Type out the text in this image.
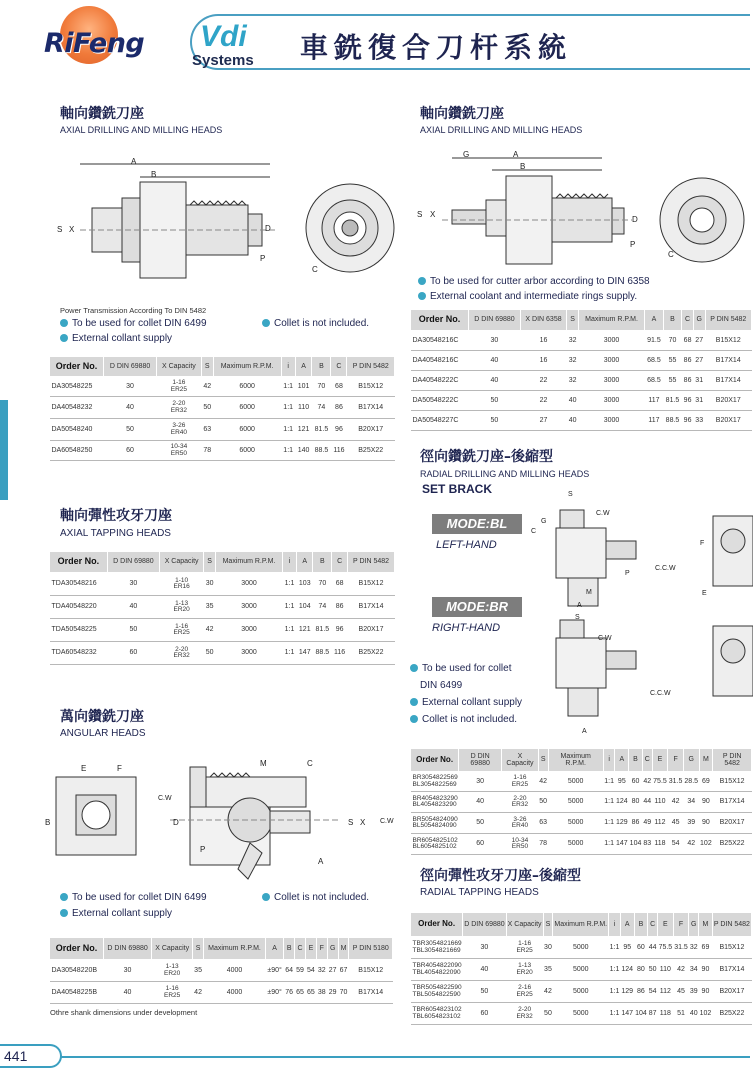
RiFeng Vdi
Systems 車銑復合刀杆系統
軸向鑽銑刀座
AXIAL DRILLING AND MILLING HEADS
A
B
S X	D
P
C
Power Transmission According To DIN 5482
To be used for collet DIN 6499	Collet is not included.
External collant supply
Order No.	D DIN 69880	X Capacity	S	Maximum R.P.M.	i	A	B	C	P DIN 5482
DA30548225	30	1-16
ER25	42	6000	1:1	101	70	68	B15X12
DA40548232	40	2-20
ER32	50	6000	1:1	110	74	86	B17X14
DA50548240	50	3-26
ER40	63	6000	1:1	121	81.5	96	B20X17
DA60548250	60	10-34
ER50	78	6000	1:1	140	88.5	116	B25X22
軸向鑽銑刀座
AXIAL DRILLING AND MILLING HEADS
G	A
B
S X
D
P
C
To be used for cutter arbor according to DIN 6358
External coolant and intermediate rings supply.
Order No.	D DIN 69880	X DIN 6358	S	Maximum R.P.M.	A	B	C	G	P DIN 5482
DA30548216C	30	16	32	3000	91.5	70	68	27	B15X12
DA40548216C	40	16	32	3000	68.5	55	86	27	B17X14
DA40548222C	40	22	32	3000	68.5	55	86	31	B17X14
DA50548222C	50	22	40	3000	117	81.5	96	31	B20X17
DA50548227C	50	27	40	3000	117	88.5	96	33	B20X17
軸向彈性攻牙刀座
AXIAL TAPPING HEADS
Order No.	D DIN 69880	X Capacity	S	Maximum R.P.M.	i	A	B	C	P DIN 5482
TDA30548216	30	1-10
ER16	30	3000	1:1	103	70	68	B15X12
TDA40548220	40	1-13
ER20	35	3000	1:1	104	74	86	B17X14
TDA50548225	50	1-16
ER25	42	3000	1:1	121	81.5	96	B20X17
TDA60548232	60	2-20
ER32	50	3000	1:1	147	88.5	116	B25X22
萬向鑽銑刀座
ANGULAR HEADS
E	F
B
M	C
C.W
C.W
D
P
A
S X
To be used for collet DIN 6499	Collet is not included.
External collant supply
Order No.	D DIN 69880	X Capacity	S	Maximum R.P.M.	A	B	C	E	F	G	M	P DIN 5180
DA30548220B	30	1-13
ER20	35	4000	±90°	64	59	54	32	27	67	B15X12
DA40548225B	40	1-16
ER25	42	4000	±90°	76	65	65	38	29	70	B17X14
Othre shank dimensions under development
徑向鑽銑刀座–後縮型
RADIAL DRILLING AND MILLING HEADS
SET BRACK
MODE:BL
LEFT-HAND
MODE:BR
RIGHT-HAND
S
C.W
G
C
C.C.W
P
M
A
F
E
S
C.W
C.C.W
A
To be used for collet
DIN 6499
External collant supply
Collet is not included.
Order No.	D DIN 69880	X Capacity	S	Maximum R.P.M.	i	A	B	C	E	F	G	M	P DIN 5482

BR3054822569
BL3054822569	30	1-16
ER25	42	5000	1:1	95	60	42	75.5	31.5	28.5	69	B15X12

BR4054823290
BL4054823290	40	2-20
ER32	50	5000	1:1	124	80	44	110	42	34	90	B17X14

BR5054824090
BL5054824090	50	3-26
ER40	63	5000	1:1	129	86	49	112	45	39	90	B20X17

BR6054825102
BL6054825102	60	10-34
ER50	78	5000	1:1	147	104	83	118	54	42	102	B25X22
徑向彈性攻牙刀座–後縮型
RADIAL TAPPING HEADS
Order No.	D DIN 69880	X Capacity	S	Maximum R.P.M.	i	A	B	C	E	F	G	M	P DIN 5482

TBR3054821669
TBL3054821669	30	1-16
ER25	30	5000	1:1	95	60	44	75.5	31.5	32	69	B15X12

TBR4054822090
TBL4054822090	40	1-13
ER20	35	5000	1:1	124	80	50	110	42	34	90	B17X14

TBR5054822590
TBL5054822590	50	2-16
ER25	42	5000	1:1	129	86	54	112	45	39	90	B20X17

TBR6054823102
TBL6054823102	60	2-20
ER32	50	5000	1:1	147	104	87	118	51	40	102	B25X22
441
